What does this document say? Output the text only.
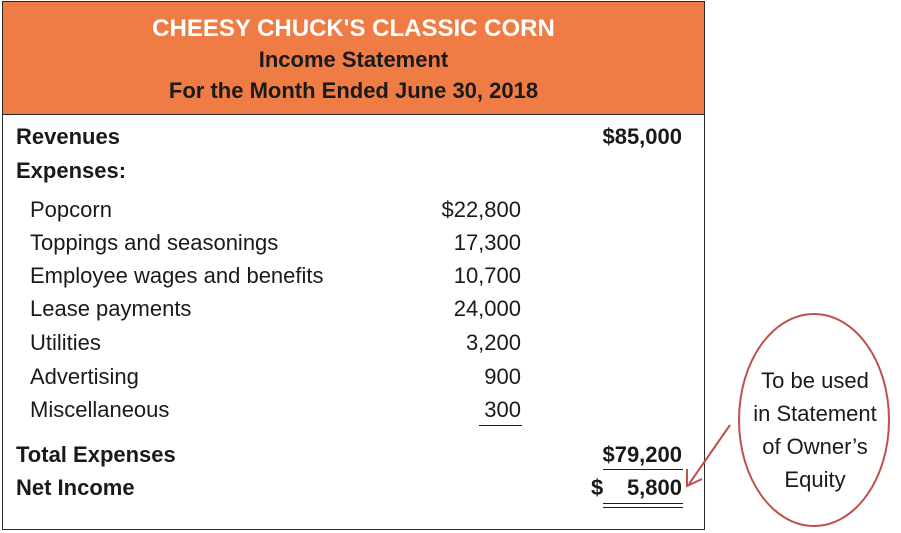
CHEESY CHUCK'S CLASSIC CORN
Income Statement
For the Month Ended June 30, 2018
Revenues	$85,000
Expenses:
Popcorn	$22,800
Toppings and seasonings	17,300
Employee wages and benefits	10,700
Lease payments	24,000
Utilities	3,200
Advertising	900
Miscellaneous	300
Total Expenses	$79,200
Net Income	$ 5,800
To be used
in Statement
of Owner’s
Equity
